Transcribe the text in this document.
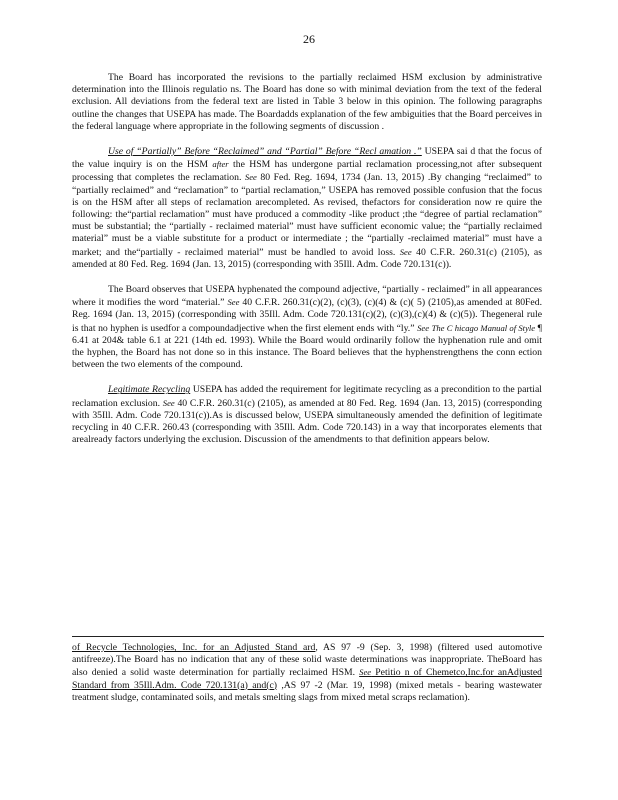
26

The Board has incorporated the revisions to the partially reclaimed HSM exclusion by administrative determination into the Illinois regulatio ns. The Board has done so with minimal deviation from the text of the federal exclusion. All deviations from the federal text are listed in Table 3 below in this opinion. The following paragraphs outline the changes that USEPA has made. The Boardadds explanation of the few ambiguities that the Board perceives in the federal language where appropriate in the following segments of discussion .

Use of “Partially” Before “Reclaimed” and “Partial” Before “Recl amation .” USEPA sai d that the focus of the value inquiry is on the HSM after the HSM has undergone partial reclamation processing,not after subsequent processing that completes the reclamation. See 80 Fed. Reg. 1694, 1734 (Jan. 13, 2015) .By changing “reclaimed” to “partially reclaimed” and “reclamation” to “partial reclamation,” USEPA has removed possible confusion that the focus is on the HSM after all steps of reclamation arecompleted. As revised, thefactors for consideration now re quire the following: the“partial reclamation” must have produced a commodity -like product ;the “degree of partial reclamation” must be substantial; the “partially - reclaimed material” must have sufficient economic value; the “partially reclaimed material” must be a viable substitute for a product or intermediate ; the “partially -reclaimed material” must have a market; and the“partially - reclaimed material” must be handled to avoid loss. See 40 C.F.R. 260.31(c) (2105), as amended at 80 Fed. Reg. 1694 (Jan. 13, 2015) (corresponding with 35Ill. Adm. Code 720.131(c)).

The Board observes that USEPA hyphenated the compound adjective, “partially - reclaimed” in all appearances where it modifies the word “material.” See 40 C.F.R. 260.31(c)(2), (c)(3), (c)(4) & (c)( 5) (2105),as amended at 80Fed. Reg. 1694 (Jan. 13, 2015) (corresponding with 35Ill. Adm. Code 720.131(c)(2), (c)(3),(c)(4) & (c)(5)). Thegeneral rule is that no hyphen is usedfor a compoundadjective when the first element ends with “ly.” See The C hicago Manual of Style ¶ 6.41 at 204& table 6.1 at 221 (14th ed. 1993). While the Board would ordinarily follow the hyphenation rule and omit the hyphen, the Board has not done so in this instance. The Board believes that the hyphenstrengthens the conn ection between the two elements of the compound.

Legitimate Recycling USEPA has added the requirement for legitimate recycling as a precondition to the partial reclamation exclusion. See 40 C.F.R. 260.31(c) (2105), as amended at 80 Fed. Reg. 1694 (Jan. 13, 2015) (corresponding with 35Ill. Adm. Code 720.131(c)).As is discussed below, USEPA simultaneously amended the definition of legitimate recycling in 40 C.F.R. 260.43 (corresponding with 35Ill. Adm. Code 720.143) in a way that incorporates elements that arealready factors underlying the exclusion. Discussion of the amendments to that definition appears below.

of Recycle Technologies, Inc. for an Adjusted Stand ard, AS 97 -9 (Sep. 3, 1998) (filtered used automotive antifreeze).The Board has no indication that any of these solid waste determinations was inappropriate. TheBoard has also denied a solid waste determination for partially reclaimed HSM. See Petitio n of Chemetco,Inc.for anAdjusted Standard from 35Ill.Adm. Code 720.131(a) and(c) ,AS 97 -2 (Mar. 19, 1998) (mixed metals - bearing wastewater treatment sludge, contaminated soils, and metals smelting slags from mixed metal scraps reclamation).
